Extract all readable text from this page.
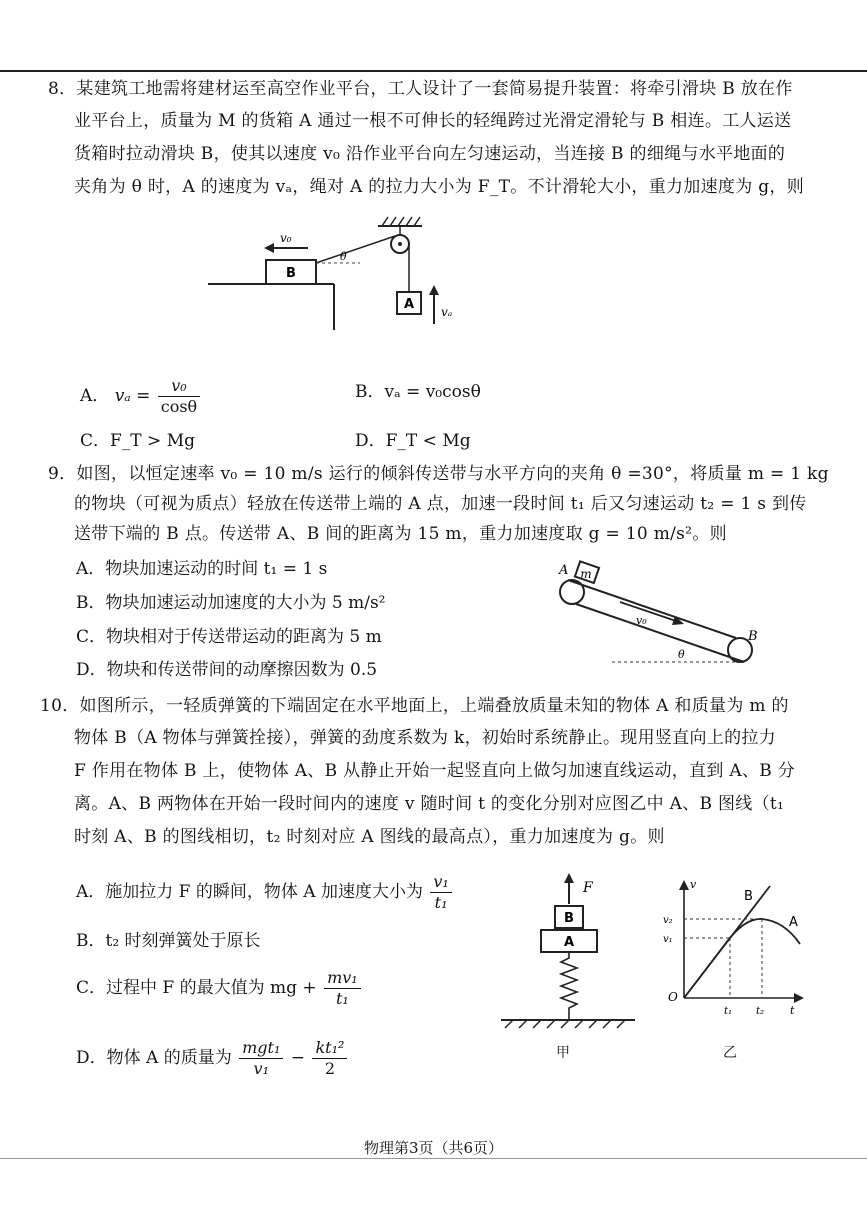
8．某建筑工地需将建材运至高空作业平台，工人设计了一套简易提升装置：将牵引滑块 B 放在作
业平台上，质量为 M 的货箱 A 通过一根不可伸长的轻绳跨过光滑定滑轮与 B 相连。工人运送
货箱时拉动滑块 B，使其以速度 v₀ 沿作业平台向左匀速运动，当连接 B 的细绳与水平地面的
夹角为 θ 时，A 的速度为 vₐ，绳对 A 的拉力大小为 F_T。不计滑轮大小，重力加速度为 g，则
B
v₀
θ
A vₐ
A． $v_a = \frac{\text{v₀}}{\cos\theta}$	B．vₐ = v₀cosθ
C．F_T > Mg	D．F_T < Mg
9．如图，以恒定速率 v₀ = 10 m/s 运行的倾斜传送带与水平方向的夹角 θ =30°，将质量 m = 1 kg
的物块（可视为质点）轻放在传送带上端的 A 点，加速一段时间 t₁ 后又匀速运动 t₂ = 1 s 到传
送带下端的 B 点。传送带 A、B 间的距离为 15 m，重力加速度取 g = 10 m/s²。则
A．物块加速运动的时间 t₁ = 1 s
B．物块加速运动加速度的大小为 5 m/s²
C．物块相对于传送带运动的距离为 5 m
D．物块和传送带间的动摩擦因数为 0.5
m
A
v₀
B
θ
10．如图所示，一轻质弹簧的下端固定在水平地面上，上端叠放质量未知的物体 A 和质量为 m 的
物体 B（A 物体与弹簧拴接），弹簧的劲度系数为 k，初始时系统静止。现用竖直向上的拉力
F 作用在物体 B 上，使物体 A、B 从静止开始一起竖直向上做匀加速直线运动，直到 A、B 分
离。A、B 两物体在开始一段时间内的速度 v 随时间 t 的变化分别对应图乙中 A、B 图线（t₁
时刻 A、B 的图线相切，t₂ 时刻对应 A 图线的最高点），重力加速度为 g。则
A．施加拉力 F 的瞬间，物体 A 加速度大小为 $\frac{\text{v₁}}{\text{t₁}}$
B．t₂ 时刻弹簧处于原长
C．过程中 F 的最大值为 mg + $\frac{\text{mv₁}}{\text{t₁}}$
D．物体 A 的质量为 $\frac{\text{mgt₁}}{\text{v₁}} - \frac{\text{kt₁²}}{2}$
F
B
A
甲
v
t
O
B
A
v₂
v₁
t₁ t₂
乙
物理第3页（共6页）
